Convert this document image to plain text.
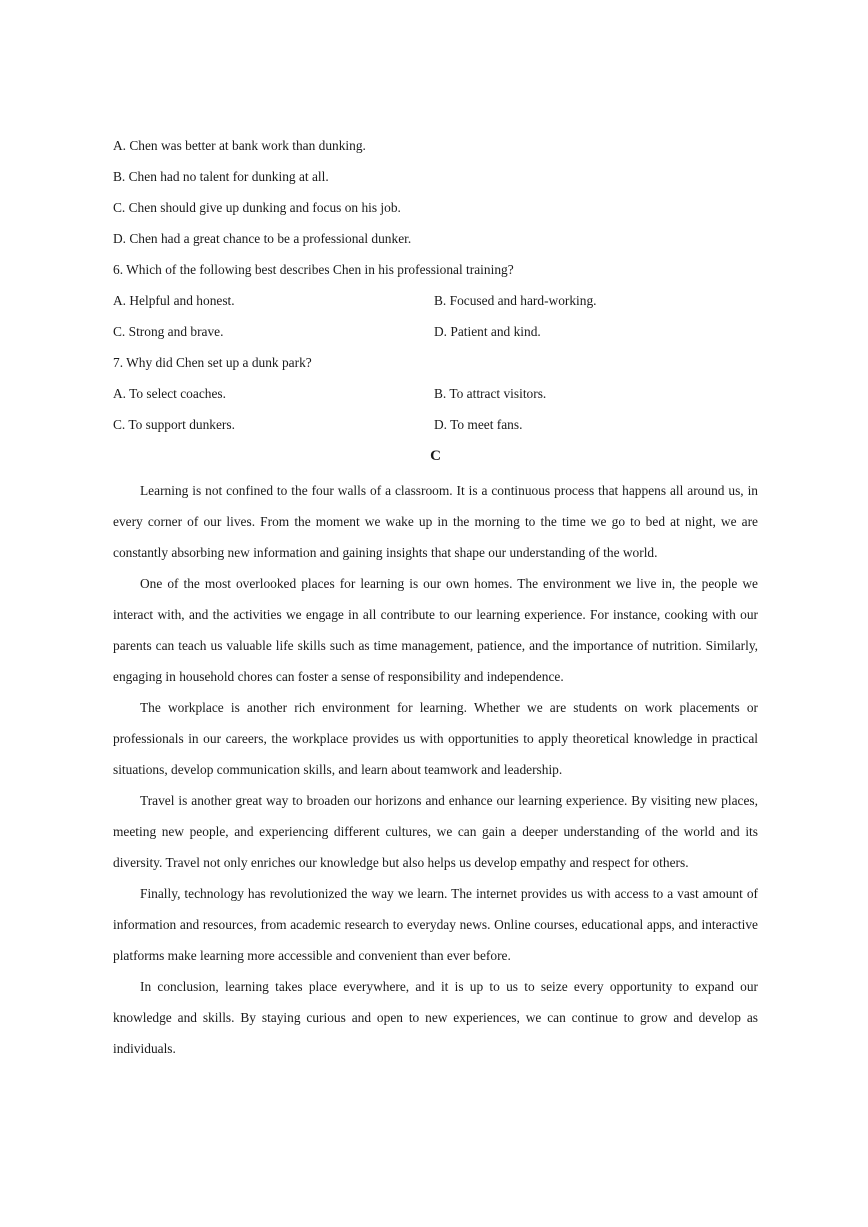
A. Chen was better at bank work than dunking.
B. Chen had no talent for dunking at all.
C. Chen should give up dunking and focus on his job.
D. Chen had a great chance to be a professional dunker.
6. Which of the following best describes Chen in his professional training?
A. Helpful and honest.	B. Focused and hard-working.
C. Strong and brave.	D. Patient and kind.
7. Why did Chen set up a dunk park?
A. To select coaches.	B. To attract visitors.
C. To support dunkers.	D. To meet fans.
C

Learning is not confined to the four walls of a classroom. It is a continuous process that happens all around us, in every corner of our lives. From the moment we wake up in the morning to the time we go to bed at night, we are constantly absorbing new information and gaining insights that shape our understanding of the world.

One of the most overlooked places for learning is our own homes. The environment we live in, the people we interact with, and the activities we engage in all contribute to our learning experience. For instance, cooking with our parents can teach us valuable life skills such as time management, patience, and the importance of nutrition. Similarly, engaging in household chores can foster a sense of responsibility and independence.

The workplace is another rich environment for learning. Whether we are students on work placements or professionals in our careers, the workplace provides us with opportunities to apply theoretical knowledge in practical situations, develop communication skills, and learn about teamwork and leadership.

Travel is another great way to broaden our horizons and enhance our learning experience. By visiting new places, meeting new people, and experiencing different cultures, we can gain a deeper understanding of the world and its diversity. Travel not only enriches our knowledge but also helps us develop empathy and respect for others.

Finally, technology has revolutionized the way we learn. The internet provides us with access to a vast amount of information and resources, from academic research to everyday news. Online courses, educational apps, and interactive platforms make learning more accessible and convenient than ever before.

In conclusion, learning takes place everywhere, and it is up to us to seize every opportunity to expand our knowledge and skills. By staying curious and open to new experiences, we can continue to grow and develop as individuals.
